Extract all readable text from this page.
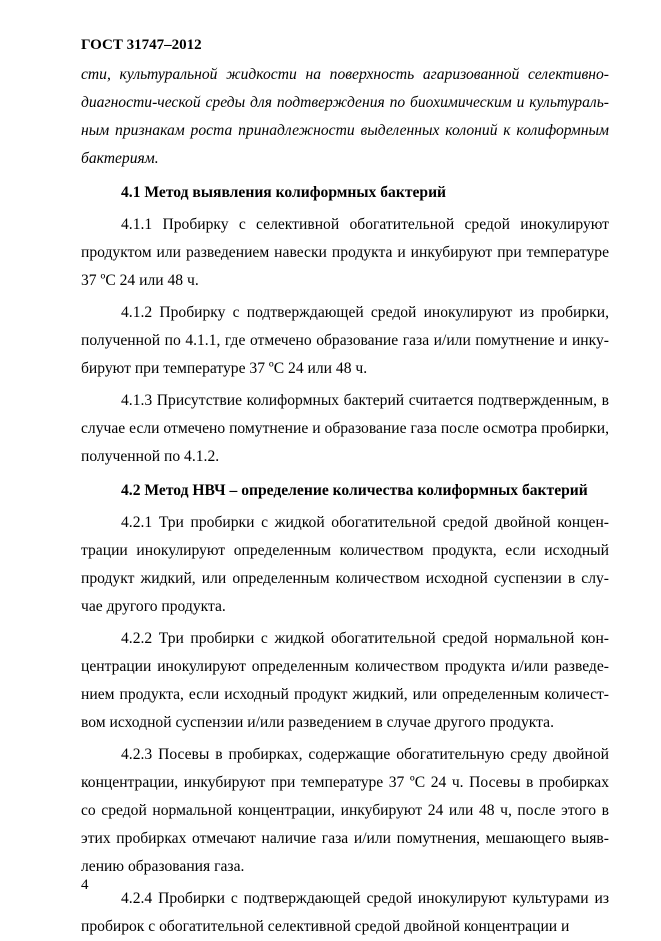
ГОСТ 31747–2012

сти, культуральной жидкости на поверхность агаризованной селективно-диагности-ческой среды для подтверждения по биохимическим и культураль-ным признакам роста принадлежности выделенных колоний к колиформным бактериям.

4.1 Метод выявления колиформных бактерий

4.1.1 Пробирку с селективной обогатительной средой инокулируют продуктом или разведением навески продукта и инкубируют при температуре 37 ºС 24 или 48 ч.

4.1.2 Пробирку с подтверждающей средой инокулируют из пробирки, полученной по 4.1.1, где отмечено образование газа и/или помутнение и инку-бируют при температуре 37 ºС 24 или 48 ч.

4.1.3 Присутствие колиформных бактерий считается подтвержденным, в случае если отмечено помутнение и образование газа после осмотра пробирки, полученной по 4.1.2.

4.2 Метод НВЧ – определение количества колиформных бактерий

4.2.1 Три пробирки с жидкой обогатительной средой двойной концен-трации инокулируют определенным количеством продукта, если исходный продукт жидкий, или определенным количеством исходной суспензии в слу-чае другого продукта.

4.2.2 Три пробирки с жидкой обогатительной средой нормальной кон-центрации инокулируют определенным количеством продукта и/или разведе-нием продукта, если исходный продукт жидкий, или определенным количест-вом исходной суспензии и/или разведением в случае другого продукта.

4.2.3 Посевы в пробирках, содержащие обогатительную среду двойной концентрации, инкубируют при температуре 37 ºС 24 ч. Посевы в пробирках со средой нормальной концентрации, инкубируют 24 или 48 ч, после этого в этих пробирках отмечают наличие газа и/или помутнения, мешающего выяв-лению образования газа.

4.2.4 Пробирки с подтверждающей средой инокулируют культурами из пробирок с обогатительной селективной средой двойной концентрации и

4
